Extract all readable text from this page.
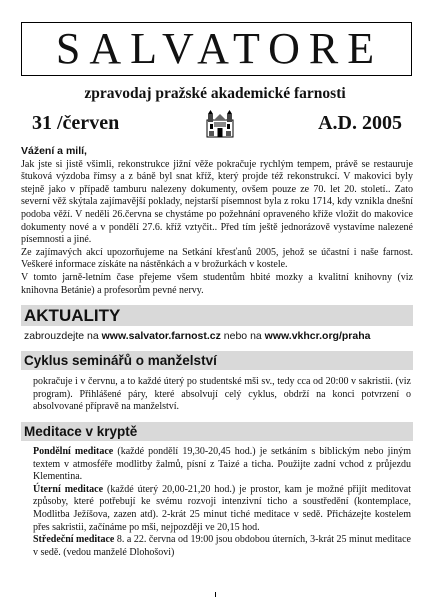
SALVATORE
zpravodaj pražské akademické farnosti
31 /červen	A.D. 2005
Vážení a milí,

Jak jste si jistě všimli, rekonstrukce jižní věže pokračuje rychlým tempem, právě se restauruje štuková výzdoba římsy a z báně byl snat kříž, který projde též rekonstrukcí. V makovici byly stejně jako v případě tamburu nalezeny dokumenty, ovšem pouze ze 70. let 20. století.. Zato severní věž skýtala zajímavější poklady, nejstarší písemnost byla z roku 1714, kdy vznikla dnešní podoba věží. V neděli 26.června se chystáme po požehnání opraveného kříže vložit do makovice dokumenty nové a v pondělí 27.6. kříž vztyčit.. Před tím ještě jednorázově vystavíme nalezené písemnosti a jiné.

Ze zajímavých akcí upozorňujeme na Setkání křesťanů 2005, jehož se účastní i naše farnost. Veškeré informace získáte na nástěnkách a v brožurkách v kostele.

V tomto jarně-letním čase přejeme všem studentům hbité mozky a kvalitní knihovny (viz knihovna Betánie) a profesorům pevné nervy.

AKTUALITY
zabrouzdejte na www.salvator.farnost.cz nebo na www.vkhcr.org/praha
Cyklus seminářů o manželství
pokračuje i v červnu, a to každé úterý po studentské mši sv., tedy cca od 20:00 v sakristii. (viz program). Přihlášené páry, které absolvují celý cyklus, obdrží na konci potvrzení o absolvované přípravě na manželství.
Meditace v kryptě

Pondělní meditace (každé pondělí 19,30-20,45 hod.) je setkáním s biblickým nebo jiným textem v atmosféře modlitby žalmů, písní z Taizé a ticha. Použijte zadní vchod z průjezdu Klementina.

Úterní meditace (každé úterý 20,00-21,20 hod.) je prostor, kam je možné přijít meditovat způsoby, které potřebují ke svému rozvoji intenzivní ticho a soustředění (kontemplace, Modlitba Ježíšova, zazen atd). 2-krát 25 minut tiché meditace v sedě. Přicházejte kostelem přes sakristii, začínáme po mši, nejpozději ve 20,15 hod.

Středeční meditace 8. a 22. června od 19:00 jsou obdobou úterních, 3-krát 25 minut meditace v sedě. (vedou manželé Dlohošovi)
